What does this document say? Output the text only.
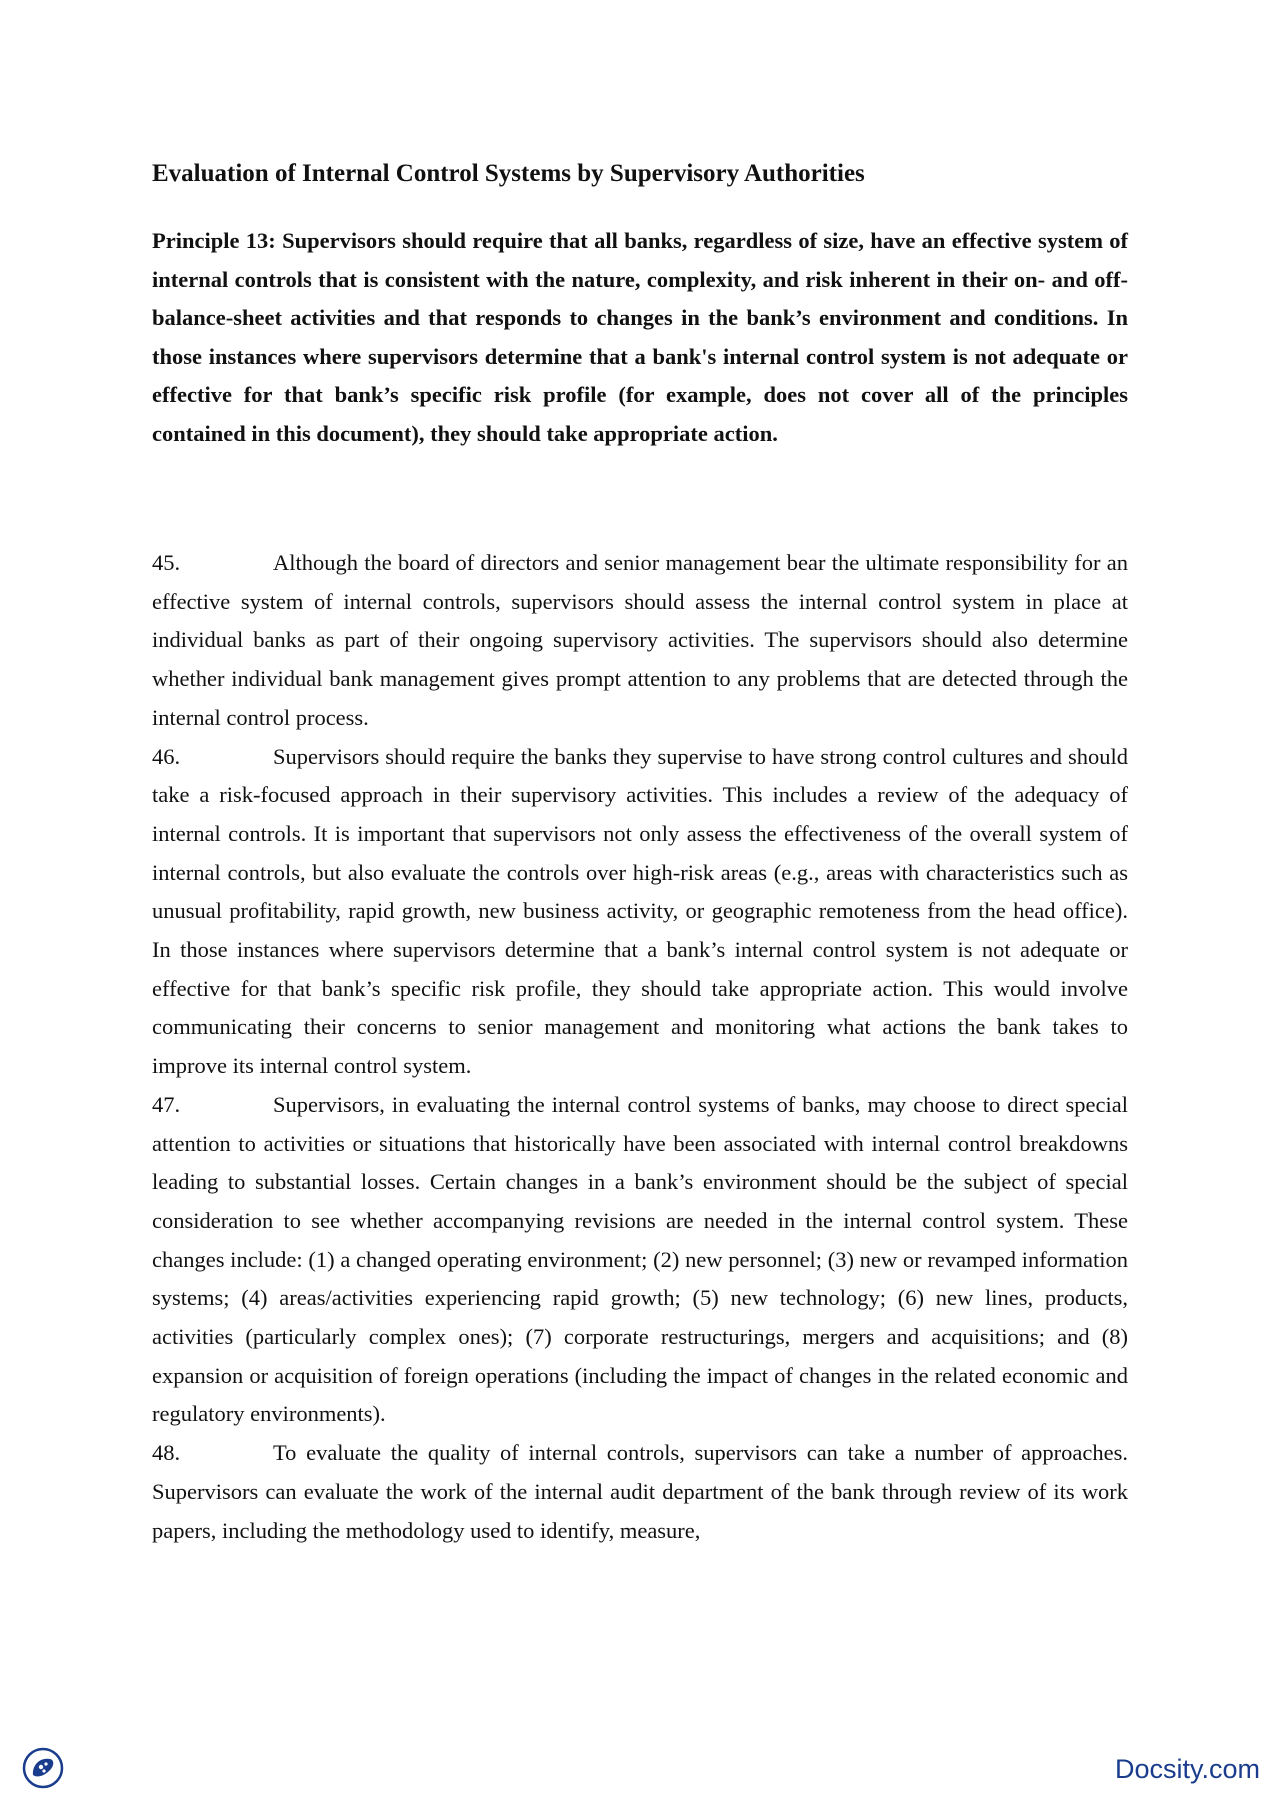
Evaluation of Internal Control Systems by Supervisory Authorities

Principle 13: Supervisors should require that all banks, regardless of size, have an effective system of internal controls that is consistent with the nature, complexity, and risk inherent in their on- and off-balance-sheet activities and that responds to changes in the bank’s environment and conditions. In those instances where supervisors determine that a bank's internal control system is not adequate or effective for that bank’s specific risk profile (for example, does not cover all of the principles contained in this document), they should take appropriate action.

45.	Although the board of directors and senior management bear the ultimate responsibility for an effective system of internal controls, supervisors should assess the internal control system in place at individual banks as part of their ongoing supervisory activities. The supervisors should also determine whether individual bank management gives prompt attention to any problems that are detected through the internal control process.

46.	Supervisors should require the banks they supervise to have strong control cultures and should take a risk-focused approach in their supervisory activities. This includes a review of the adequacy of internal controls. It is important that supervisors not only assess the effectiveness of the overall system of internal controls, but also evaluate the controls over high-risk areas (e.g., areas with characteristics such as unusual profitability, rapid growth, new business activity, or geographic remoteness from the head office). In those instances where supervisors determine that a bank’s internal control system is not adequate or effective for that bank’s specific risk profile, they should take appropriate action. This would involve communicating their concerns to senior management and monitoring what actions the bank takes to improve its internal control system.

47.	Supervisors, in evaluating the internal control systems of banks, may choose to direct special attention to activities or situations that historically have been associated with internal control breakdowns leading to substantial losses. Certain changes in a bank’s environment should be the subject of special consideration to see whether accompanying revisions are needed in the internal control system. These changes include: (1) a changed operating environment; (2) new personnel; (3) new or revamped information systems; (4) areas/activities experiencing rapid growth; (5) new technology; (6) new lines, products, activities (particularly complex ones); (7) corporate restructurings, mergers and acquisitions; and (8) expansion or acquisition of foreign operations (including the impact of changes in the related economic and regulatory environments).

48.	To evaluate the quality of internal controls, supervisors can take a number of approaches. Supervisors can evaluate the work of the internal audit department of the bank through review of its work papers, including the methodology used to identify, measure,

Docsity.com
